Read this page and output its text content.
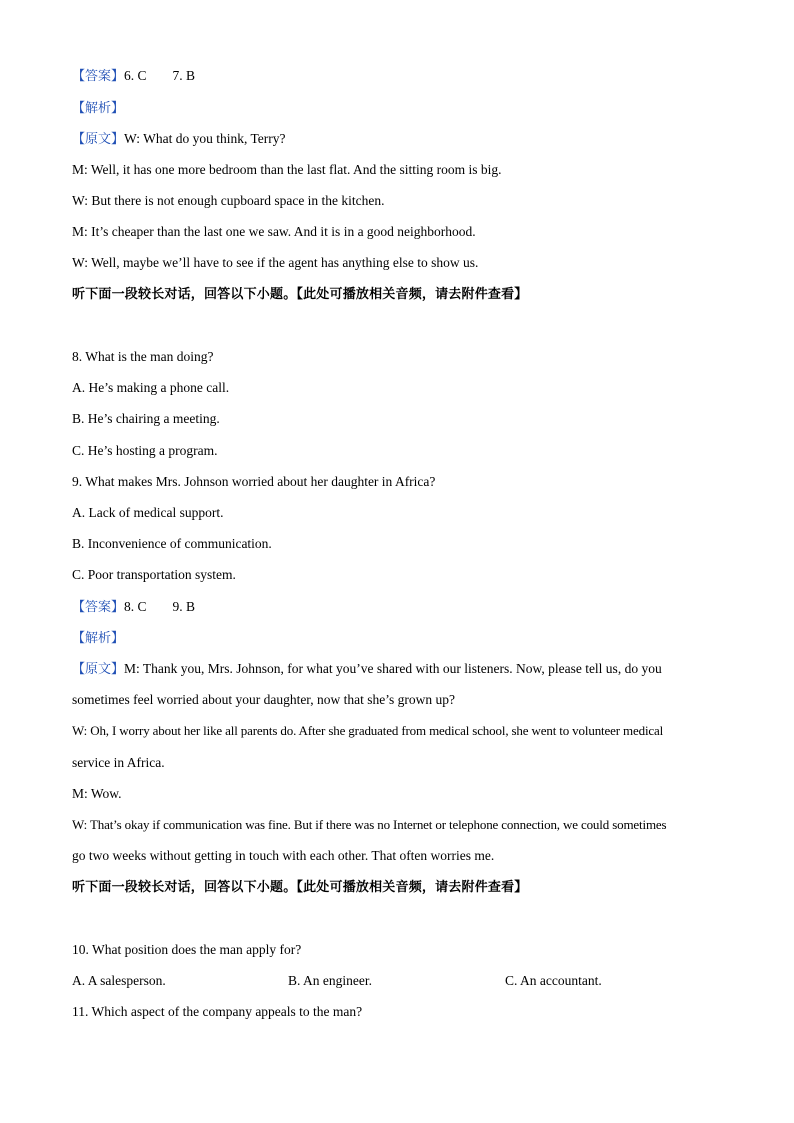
【答案】6. C 7. B
【解析】
【原文】W: What do you think, Terry?
M: Well, it has one more bedroom than the last flat. And the sitting room is big.
W: But there is not enough cupboard space in the kitchen.
M: It’s cheaper than the last one we saw. And it is in a good neighborhood.
W: Well, maybe we’ll have to see if the agent has anything else to show us.
听下面一段较长对话，回答以下小题。【此处可播放相关音频，请去附件查看】
8. What is the man doing?
A. He’s making a phone call.
B. He’s chairing a meeting.
C. He’s hosting a program.
9. What makes Mrs. Johnson worried about her daughter in Africa?
A. Lack of medical support.
B. Inconvenience of communication.
C. Poor transportation system.
【答案】8. C 9. B
【解析】
【原文】M: Thank you, Mrs. Johnson, for what you’ve shared with our listeners. Now, please tell us, do you
sometimes feel worried about your daughter, now that she’s grown up?
W: Oh, I worry about her like all parents do. After she graduated from medical school, she went to volunteer medical
service in Africa.
M: Wow.
W: That’s okay if communication was fine. But if there was no Internet or telephone connection, we could sometimes
go two weeks without getting in touch with each other. That often worries me.
听下面一段较长对话，回答以下小题。【此处可播放相关音频，请去附件查看】
10. What position does the man apply for?
A. A salesperson.	B. An engineer.	C. An accountant.
11. Which aspect of the company appeals to the man?
